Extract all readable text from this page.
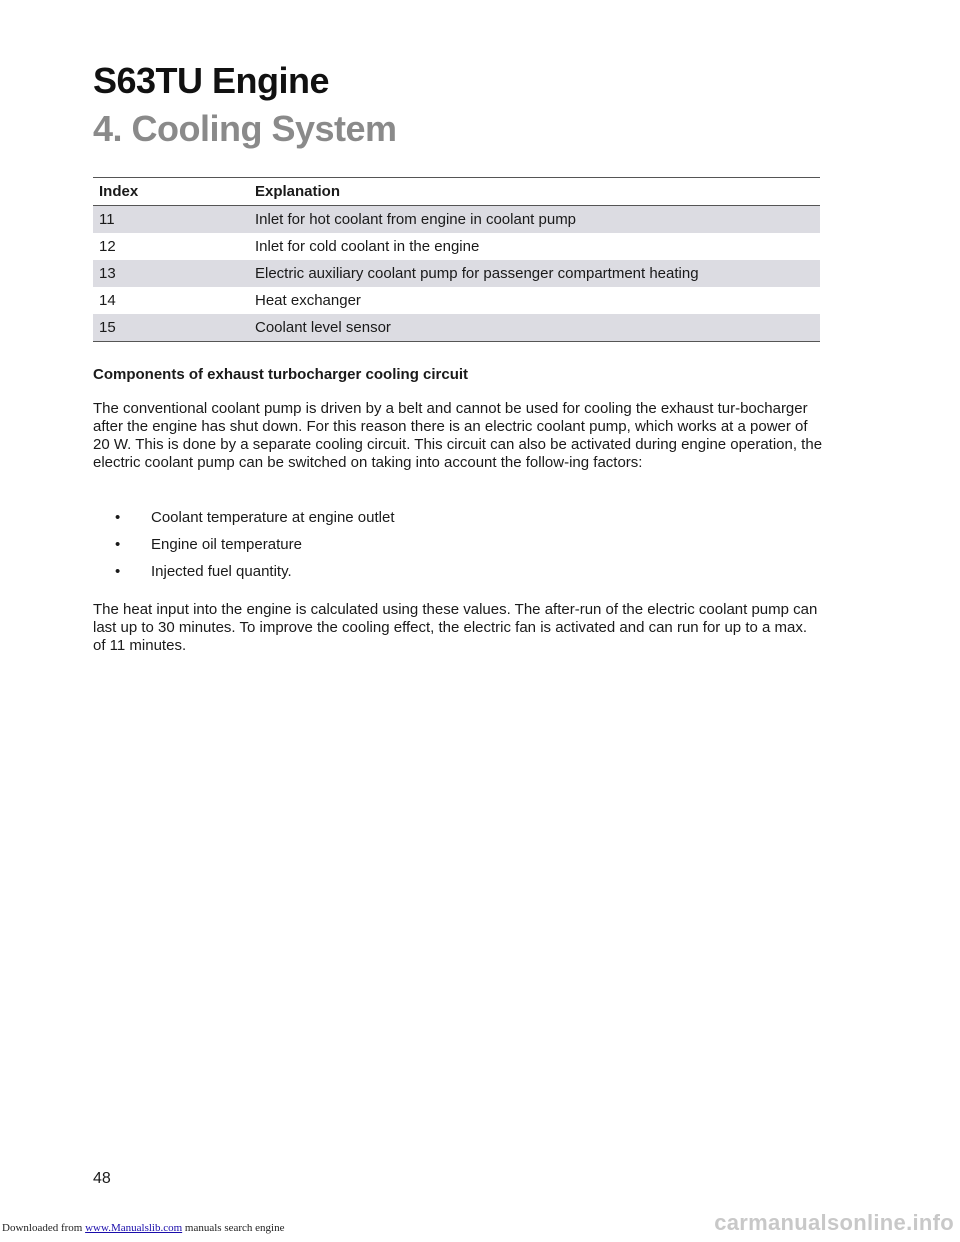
S63TU Engine
4. Cooling System
Index	Explanation
11	Inlet for hot coolant from engine in coolant pump
12	Inlet for cold coolant in the engine
13	Electric auxiliary coolant pump for passenger compartment heating
14	Heat exchanger
15	Coolant level sensor
Components of exhaust turbocharger cooling circuit

The conventional coolant pump is driven by a belt and cannot be used for cooling the exhaust tur-bocharger after the engine has shut down. For this reason there is an electric coolant pump, which works at a power of 20 W. This is done by a separate cooling circuit. This circuit can also be activated during engine operation, the electric coolant pump can be switched on taking into account the follow-ing factors:

• Coolant temperature at engine outlet
• Engine oil temperature
• Injected fuel quantity.

The heat input into the engine is calculated using these values. The after-run of the electric coolant pump can last up to 30 minutes. To improve the cooling effect, the electric fan is activated and can run for up to a max. of 11 minutes.

48

Downloaded from www.Manualslib.com manuals search engine	carmanualsonline.info
